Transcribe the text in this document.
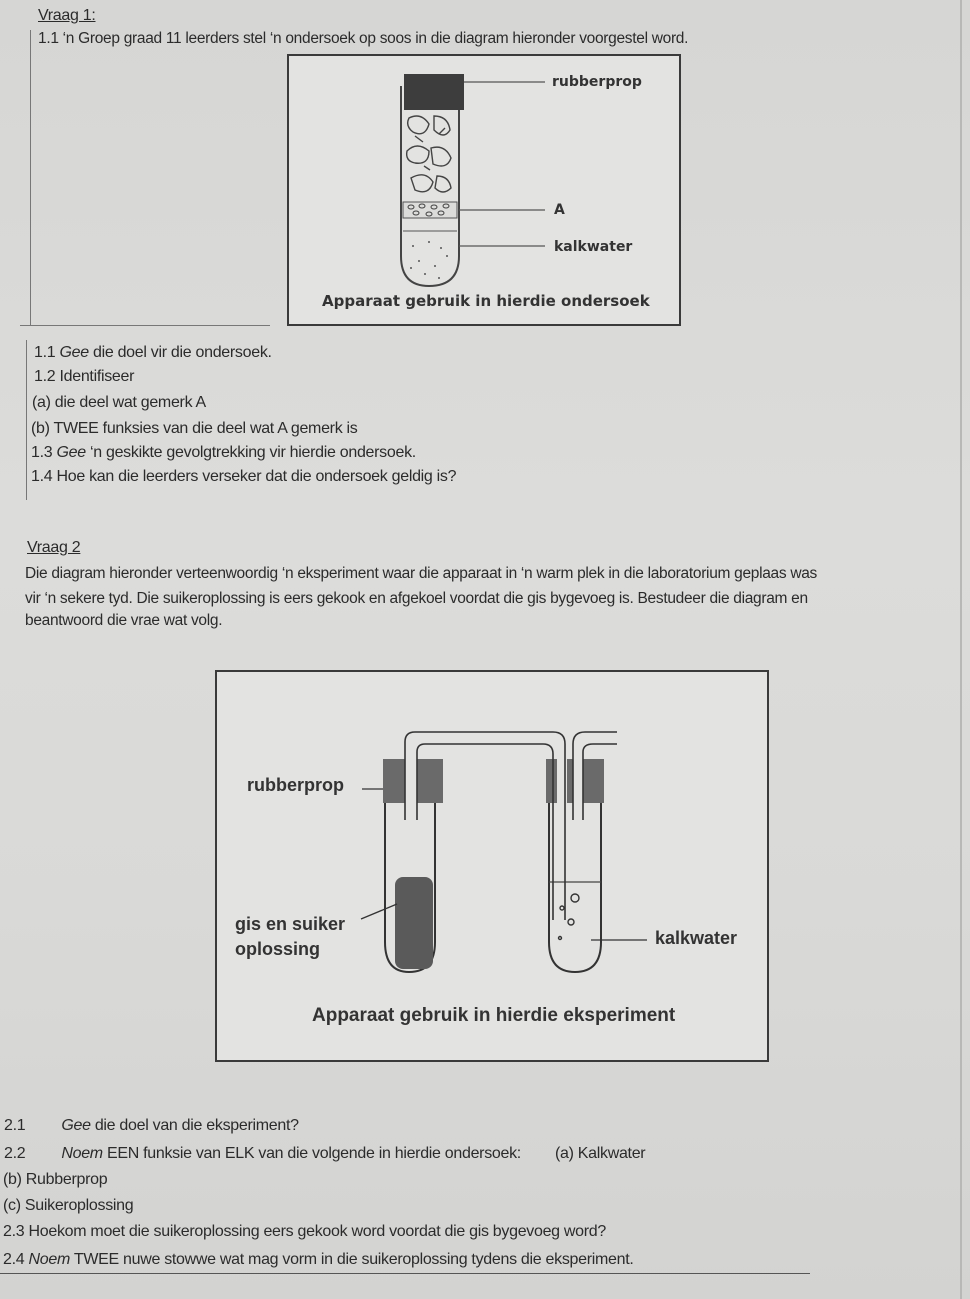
Vraag 1:
1.1 ‘n Groep graad 11 leerders stel ‘n ondersoek op soos in die diagram hieronder voorgestel word.
rubberprop
A
kalkwater
Apparaat gebruik in hierdie ondersoek
1.1 Gee die doel vir die ondersoek.
1.2 Identifiseer
(a) die deel wat gemerk A
(b) TWEE funksies van die deel wat A gemerk is
1.3 Gee ‘n geskikte gevolgtrekking vir hierdie ondersoek.
1.4 Hoe kan die leerders verseker dat die ondersoek geldig is?
Vraag 2
Die diagram hieronder verteenwoordig ‘n eksperiment waar die apparaat in ‘n warm plek in die laboratorium geplaas was
vir ‘n sekere tyd. Die suikeroplossing is eers gekook en afgekoel voordat die gis bygevoeg is. Bestudeer die diagram en
beantwoord die vrae wat volg.
rubberprop
gis en suiker
oplossing
kalkwater
Apparaat gebruik in hierdie eksperiment
2.1 Gee die doel van die eksperiment?
2.2 Noem EEN funksie van ELK van die volgende in hierdie ondersoek: (a) Kalkwater
(b) Rubberprop
(c) Suikeroplossing
2.3 Hoekom moet die suikeroplossing eers gekook word voordat die gis bygevoeg word?
2.4 Noem TWEE nuwe stowwe wat mag vorm in die suikeroplossing tydens die eksperiment.
